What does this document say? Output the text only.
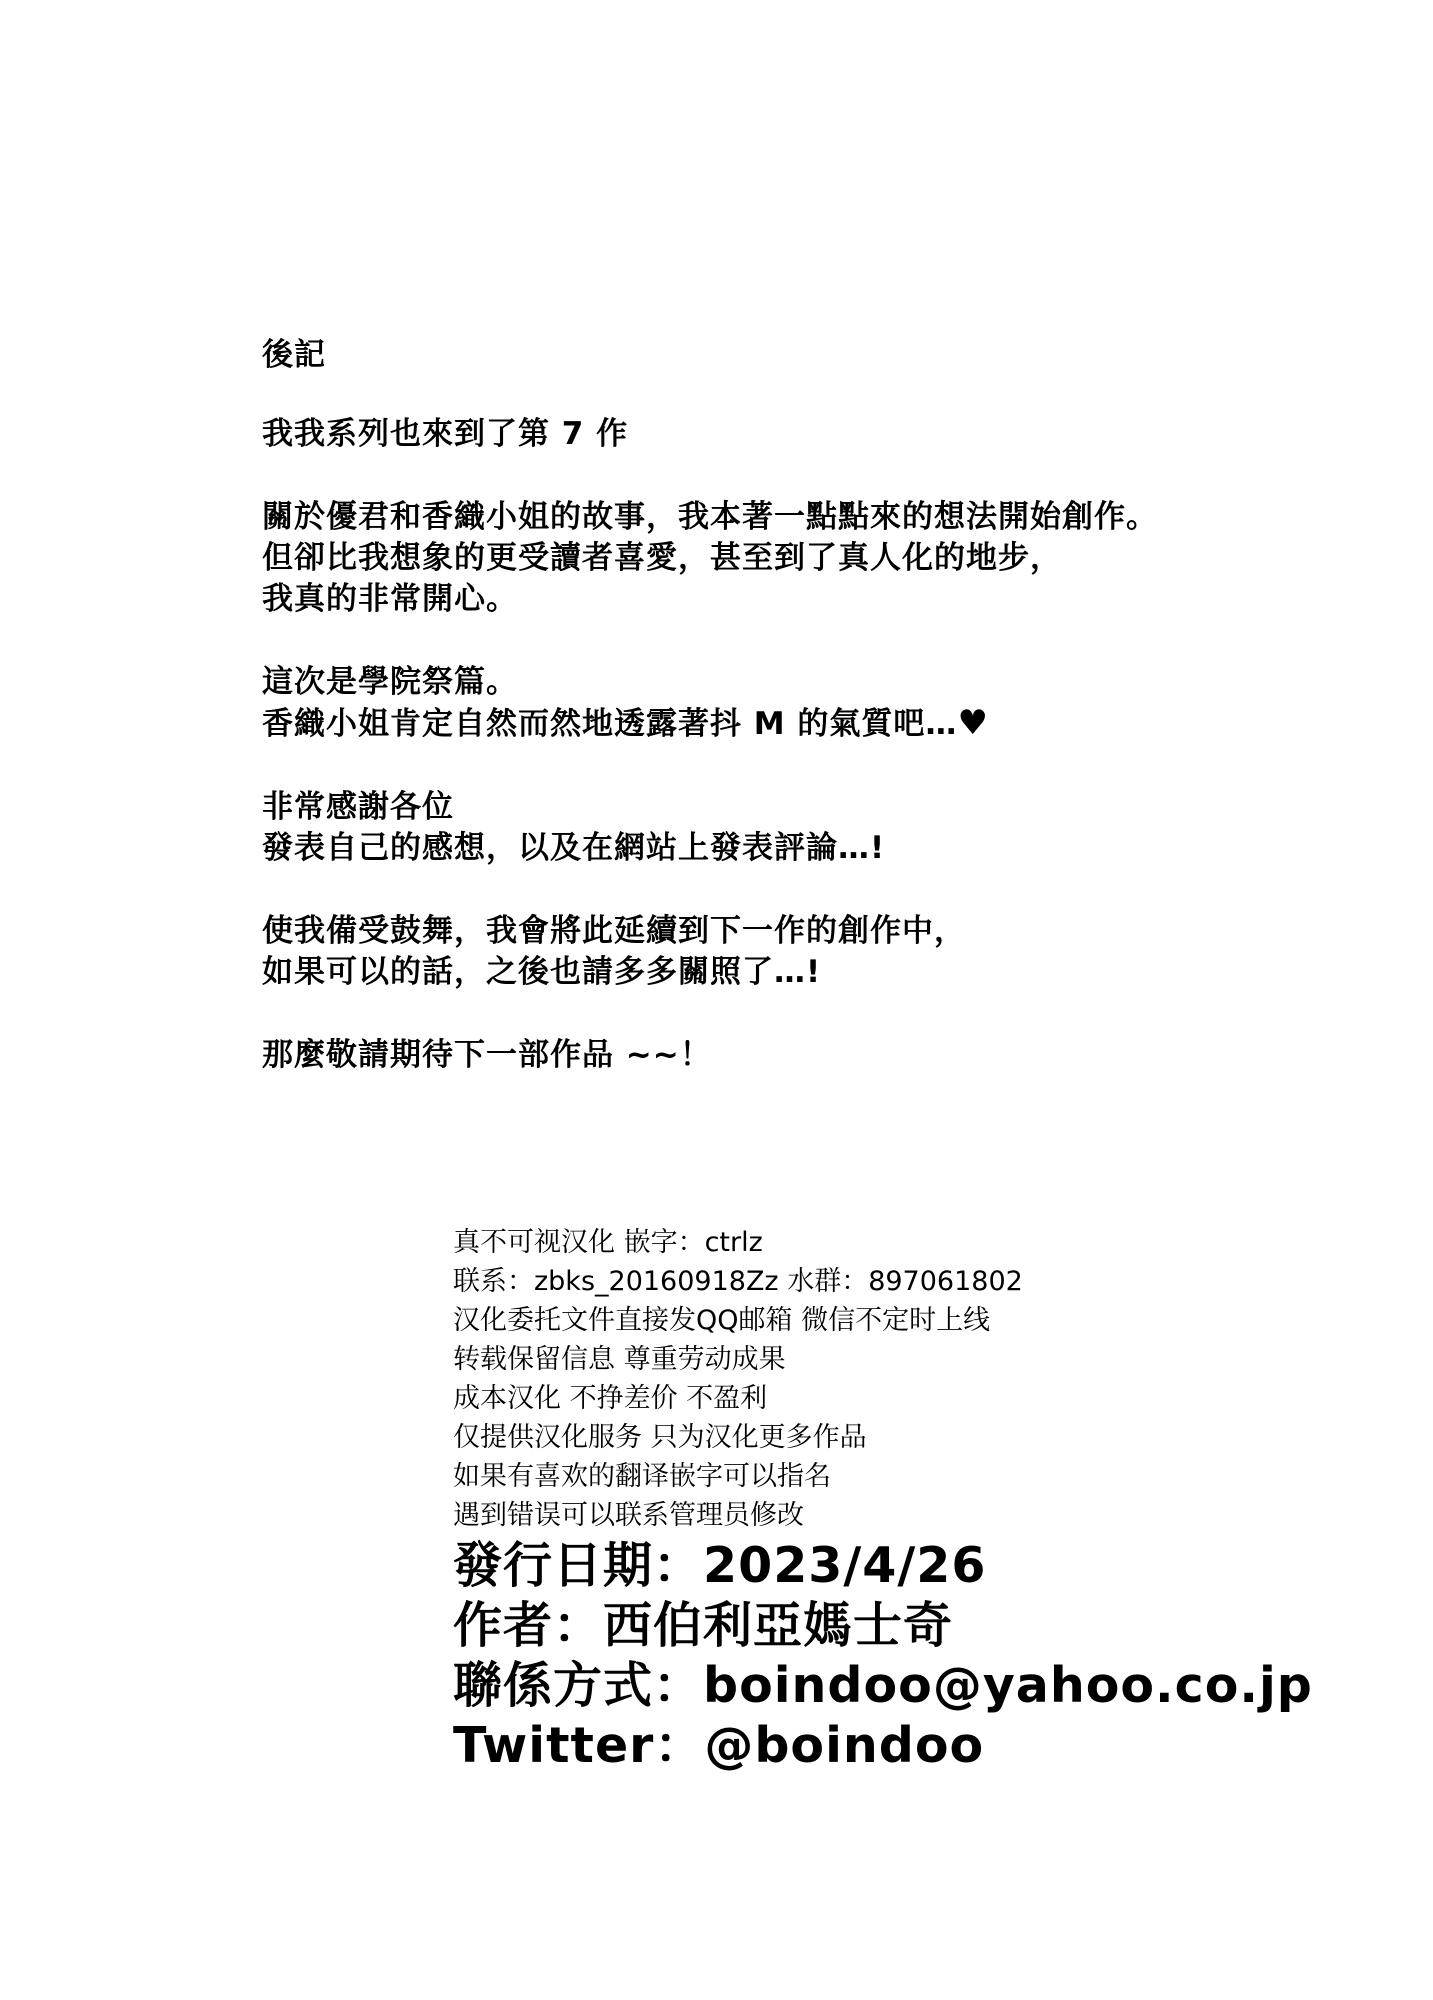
後記
我我系列也來到了第 7 作
關於優君和香織小姐的故事，我本著一點點來的想法開始創作。
但卻比我想象的更受讀者喜愛，甚至到了真人化的地步，
我真的非常開心。
這次是學院祭篇。
香織小姐肯定自然而然地透露著抖 M 的氣質吧…♥
非常感謝各位
發表自己的感想，以及在網站上發表評論…!
使我備受鼓舞，我會將此延續到下一作的創作中，
如果可以的話，之後也請多多關照了…!
那麼敬請期待下一部作品 ~~！
真不可视汉化 嵌字：ctrlz
联系：zbks_20160918Zz 水群：897061802
汉化委托文件直接发QQ邮箱 微信不定时上线
转载保留信息 尊重劳动成果
成本汉化 不挣差价 不盈利
仅提供汉化服务 只为汉化更多作品
如果有喜欢的翻译嵌字可以指名
遇到错误可以联系管理员修改
發行日期：2023/4/26
作者：西伯利亞媽士奇
聯係方式：boindoo@yahoo.co.jp
Twitter：@boindoo
